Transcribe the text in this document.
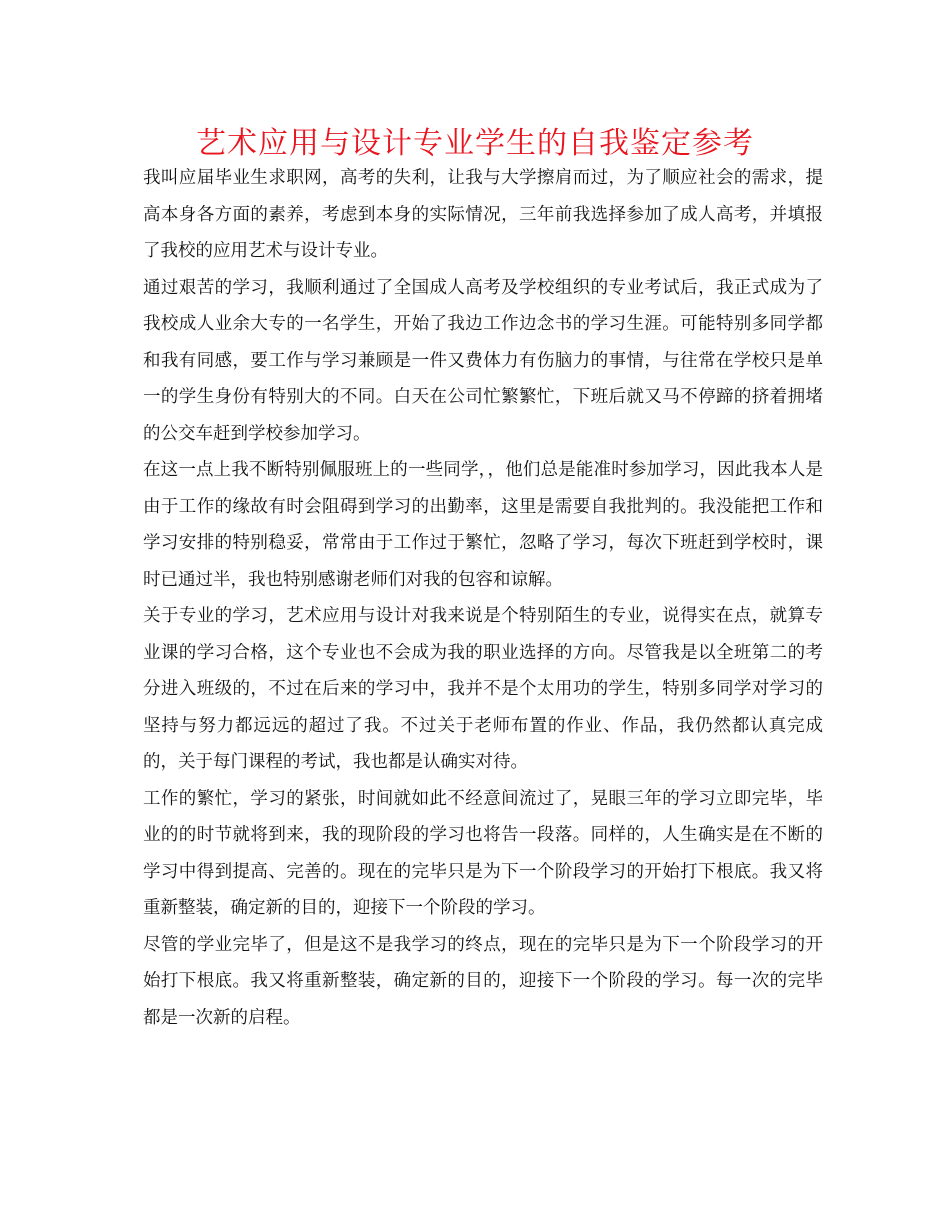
艺术应用与设计专业学生的自我鉴定参考

我叫应届毕业生求职网，高考的失利，让我与大学擦肩而过，为了顺应社会的需求，提高本身各方面的素养，考虑到本身的实际情况，三年前我选择参加了成人高考，并填报了我校的应用艺术与设计专业。

通过艰苦的学习，我顺利通过了全国成人高考及学校组织的专业考试后，我正式成为了我校成人业余大专的一名学生，开始了我边工作边念书的学习生涯。可能特别多同学都和我有同感，要工作与学习兼顾是一件又费体力有伤脑力的事情，与往常在学校只是单一的学生身份有特别大的不同。白天在公司忙繁繁忙，下班后就又马不停蹄的挤着拥堵的公交车赶到学校参加学习。

在这一点上我不断特别佩服班上的一些同学，，他们总是能准时参加学习，因此我本人是由于工作的缘故有时会阻碍到学习的出勤率，这里是需要自我批判的。我没能把工作和学习安排的特别稳妥，常常由于工作过于繁忙，忽略了学习，每次下班赶到学校时，课时已通过半，我也特别感谢老师们对我的包容和谅解。

关于专业的学习，艺术应用与设计对我来说是个特别陌生的专业，说得实在点，就算专业课的学习合格，这个专业也不会成为我的职业选择的方向。尽管我是以全班第二的考分进入班级的，不过在后来的学习中，我并不是个太用功的学生，特别多同学对学习的坚持与努力都远远的超过了我。不过关于老师布置的作业、作品，我仍然都认真完成的，关于每门课程的考试，我也都是认确实对待。

工作的繁忙，学习的紧张，时间就如此不经意间流过了，晃眼三年的学习立即完毕，毕业的的时节就将到来，我的现阶段的学习也将告一段落。同样的，人生确实是在不断的学习中得到提高、完善的。现在的完毕只是为下一个阶段学习的开始打下根底。我又将重新整装，确定新的目的，迎接下一个阶段的学习。

尽管的学业完毕了，但是这不是我学习的终点，现在的完毕只是为下一个阶段学习的开始打下根底。我又将重新整装，确定新的目的，迎接下一个阶段的学习。每一次的完毕都是一次新的启程。
